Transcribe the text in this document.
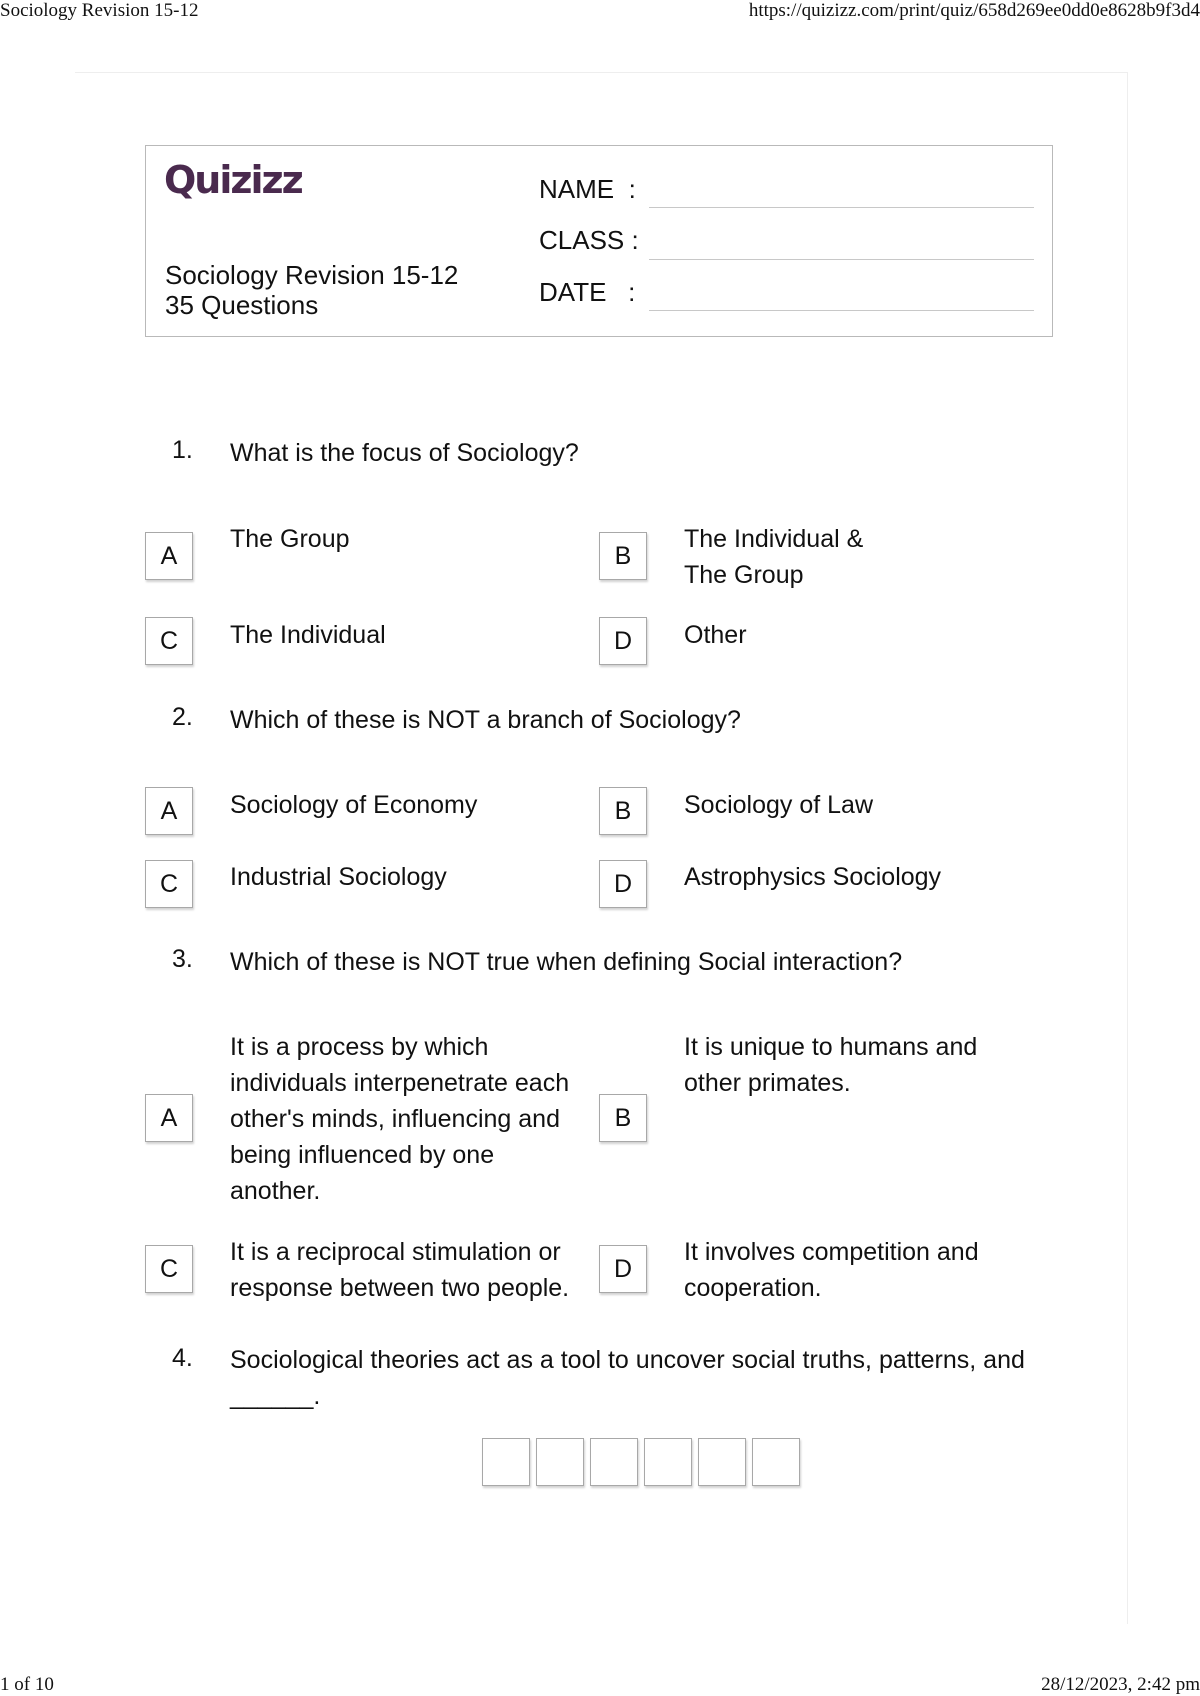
Sociology Revision 15-12	https://quizizz.com/print/quiz/658d269ee0dd0e8628b9f3d4
Quizizz
Sociology Revision 15-12
35 Questions
NAME  :
CLASS :
DATE   :
1. What is the focus of Sociology?
A
The Group
B
The Individual & The Group
C	The Individual	D	Other
2. Which of these is NOT a branch of Sociology?
A	Sociology of Economy	B	Sociology of Law
C	Industrial Sociology	D	Astrophysics Sociology
3. Which of these is NOT true when defining Social interaction?
A
It is a process by which individuals interpenetrate each other's minds, influencing and being influenced by one another.
B
It is unique to humans and other primates.
C
It is a reciprocal stimulation or response between two people.
D
It involves competition and cooperation.
4. Sociological theories act as a tool to uncover social truths, patterns, and ______.
1 of 10	28/12/2023, 2:42 pm
